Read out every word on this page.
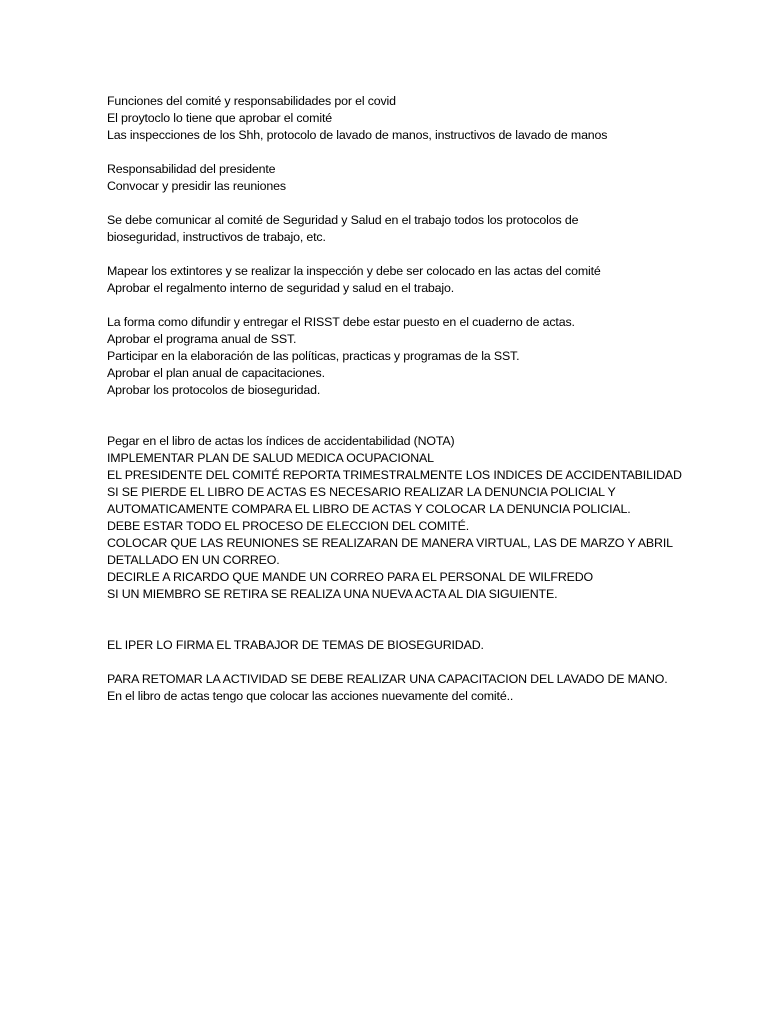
Funciones del comité y responsabilidades por el covid
El proytoclo lo tiene que aprobar el comité
Las inspecciones de los Shh, protocolo de lavado de manos, instructivos de lavado de manos
Responsabilidad del presidente
Convocar y presidir las reuniones
Se debe comunicar al comité de Seguridad y Salud en el trabajo todos los protocolos de
bioseguridad, instructivos de trabajo, etc.
Mapear los extintores y se realizar la inspección y debe ser colocado en las actas del comité
Aprobar el regalmento interno de seguridad y salud en el trabajo.
La forma como difundir y entregar el RISST debe estar puesto en el cuaderno de actas.
Aprobar el programa anual de SST.
Participar en la elaboración de las políticas, practicas y programas de la SST.
Aprobar el plan anual de capacitaciones.
Aprobar los protocolos de bioseguridad.
Pegar en el libro de actas los índices de accidentabilidad (NOTA)
IMPLEMENTAR PLAN DE SALUD MEDICA OCUPACIONAL
EL PRESIDENTE DEL COMITÉ REPORTA TRIMESTRALMENTE LOS INDICES DE ACCIDENTABILIDAD
SI SE PIERDE EL LIBRO DE ACTAS ES NECESARIO REALIZAR LA DENUNCIA POLICIAL Y
AUTOMATICAMENTE COMPARA EL LIBRO DE ACTAS Y COLOCAR LA DENUNCIA POLICIAL.
DEBE ESTAR TODO EL PROCESO DE ELECCION DEL COMITÉ.
COLOCAR QUE LAS REUNIONES SE REALIZARAN DE MANERA VIRTUAL, LAS DE MARZO Y ABRIL
DETALLADO EN UN CORREO.
DECIRLE A RICARDO QUE MANDE UN CORREO PARA EL PERSONAL DE WILFREDO
SI UN MIEMBRO SE RETIRA SE REALIZA UNA NUEVA ACTA AL DIA SIGUIENTE.
EL IPER LO FIRMA EL TRABAJOR DE TEMAS DE BIOSEGURIDAD.
PARA RETOMAR LA ACTIVIDAD SE DEBE REALIZAR UNA CAPACITACION DEL LAVADO DE MANO.
En el libro de actas tengo que colocar las acciones nuevamente del comité..
